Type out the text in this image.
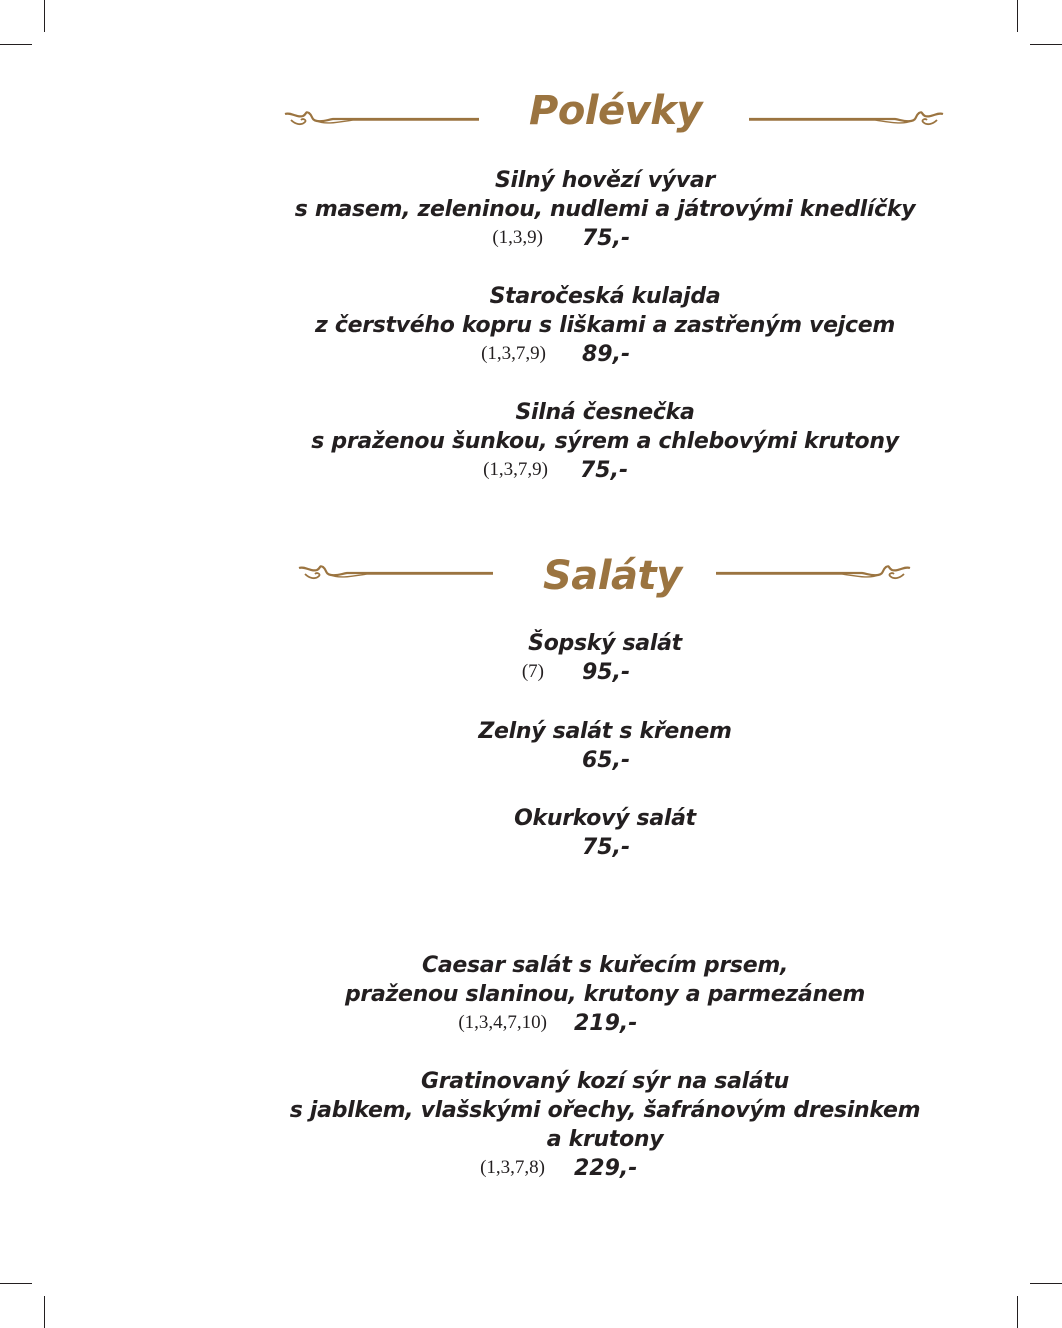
Polévky
Silný hovězí vývar
s masem, zeleninou, nudlemi a játrovými knedlíčky
(1,3,9) 75,-
Staročeská kulajda
z čerstvého kopru s liškami a zastřeným vejcem
(1,3,7,9) 89,-
Silná česnečka
s praženou šunkou, sýrem a chlebovými krutony
(1,3,7,9) 75,-
Saláty
Šopský salát
(7) 95,-
Zelný salát s křenem
65,-
Okurkový salát
75,-
Caesar salát s kuřecím prsem,
praženou slaninou, krutony a parmezánem
(1,3,4,7,10) 219,-
Gratinovaný kozí sýr na salátu
s jablkem, vlašskými ořechy, šafránovým dresinkem
a krutony
(1,3,7,8) 229,-
